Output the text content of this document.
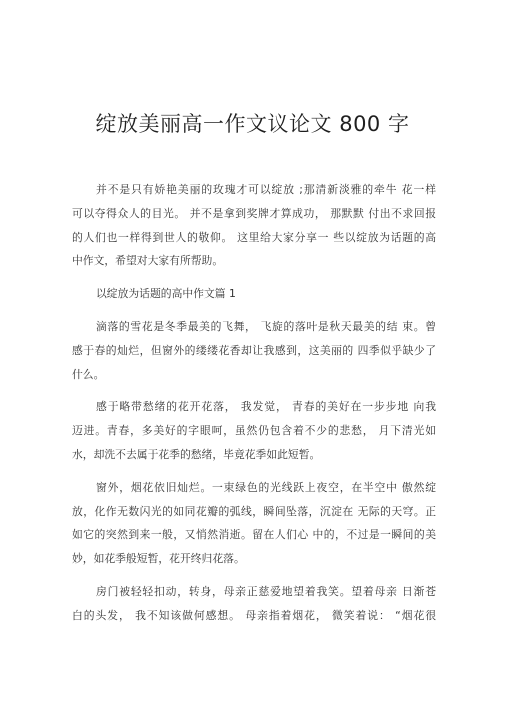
绽放美丽高一作文议论文 800 字
并不是只有娇艳美丽的玫瑰才可以绽放 ;那清新淡雅的牵牛 花一样
可以夺得众人的目光。 并不是拿到奖牌才算成功， 那默默 付出不求回报
的人们也一样得到世人的敬仰。 这里给大家分享一 些以绽放为话题的高
中作文，希望对大家有所帮助。
以绽放为话题的高中作文篇 1
滴落的雪花是冬季最美的飞舞， 飞旋的落叶是秋天最美的结 束。曾
感于春的灿烂，但窗外的缕缕花香却让我感到，这美丽的 四季似乎缺少了
什么。
感于略带愁绪的花开花落， 我发觉， 青春的美好在一步步地 向我
迈进。青春，多美好的字眼呵，虽然仍包含着不少的悲愁， 月下清光如
水，却洗不去属于花季的愁绪，毕竟花季如此短暂。
窗外，烟花依旧灿烂。一束绿色的光线跃上夜空，在半空中 傲然绽
放，化作无数闪光的如同花瓣的弧线，瞬间坠落，沉淀在 无际的天穹。正
如它的突然到来一般，又悄然消逝。留在人们心 中的，不过是一瞬间的美
妙，如花季般短暂，花开终归花落。
房门被轻轻扣动，转身，母亲正慈爱地望着我笑。望着母亲 日渐苍
白的头发， 我不知该做何感想。 母亲指着烟花， 微笑着说： “烟花很
